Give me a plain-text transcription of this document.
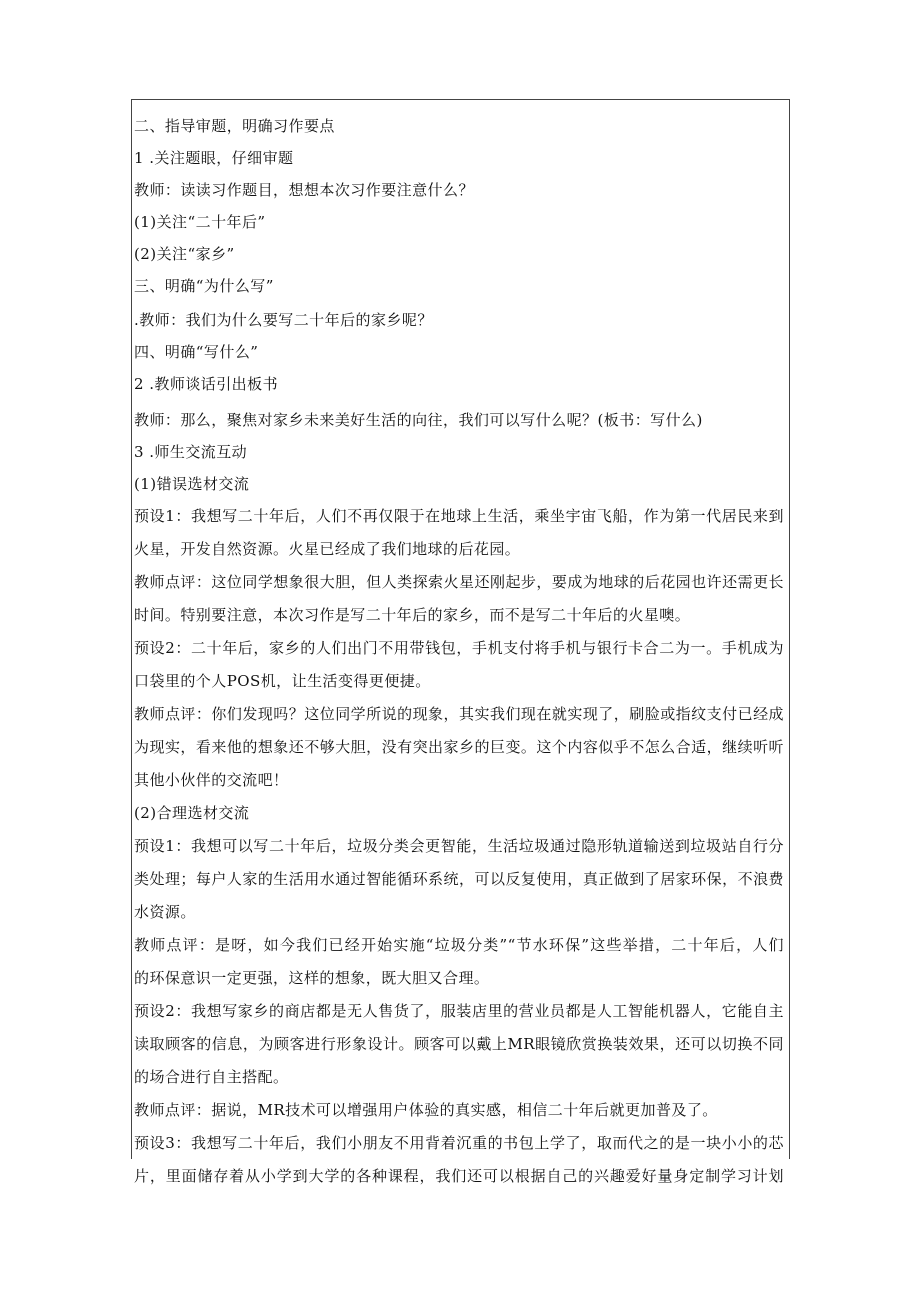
二、指导审题，明确习作要点
1 .关注题眼，仔细审题
教师：读读习作题目，想想本次习作要注意什么？
(1)关注“二十年后”
(2)关注“家乡”
三、明确“为什么写”
.教师：我们为什么要写二十年后的家乡呢？
四、明确“写什么”
2 .教师谈话引出板书
教师：那么，聚焦对家乡未来美好生活的向往，我们可以写什么呢？(板书：写什么)
3 .师生交流互动
(1)错误选材交流
预设1：我想写二十年后，人们不再仅限于在地球上生活，乘坐宇宙飞船，作为第一代居民来到
火星，开发自然资源。火星已经成了我们地球的后花园。
教师点评：这位同学想象很大胆，但人类探索火星还刚起步，要成为地球的后花园也许还需更长
时间。特别要注意，本次习作是写二十年后的家乡，而不是写二十年后的火星噢。
预设2：二十年后，家乡的人们出门不用带钱包，手机支付将手机与银行卡合二为一。手机成为
口袋里的个人POS机，让生活变得更便捷。
教师点评：你们发现吗？这位同学所说的现象，其实我们现在就实现了，刷脸或指纹支付已经成
为现实，看来他的想象还不够大胆，没有突出家乡的巨变。这个内容似乎不怎么合适，继续听听
其他小伙伴的交流吧！
(2)合理选材交流
预设1：我想可以写二十年后，垃圾分类会更智能，生活垃圾通过隐形轨道输送到垃圾站自行分
类处理；每户人家的生活用水通过智能循环系统，可以反复使用，真正做到了居家环保，不浪费
水资源。
教师点评：是呀，如今我们已经开始实施“垃圾分类”“节水环保”这些举措，二十年后，人们
的环保意识一定更强，这样的想象，既大胆又合理。
预设2：我想写家乡的商店都是无人售货了，服装店里的营业员都是人工智能机器人，它能自主
读取顾客的信息，为顾客进行形象设计。顾客可以戴上MR眼镜欣赏换装效果，还可以切换不同
的场合进行自主搭配。
教师点评：据说，MR技术可以增强用户体验的真实感，相信二十年后就更加普及了。
预设3：我想写二十年后，我们小朋友不用背着沉重的书包上学了，取而代之的是一块小小的芯
片，里面储存着从小学到大学的各种课程，我们还可以根据自己的兴趣爱好量身定制学习计划
